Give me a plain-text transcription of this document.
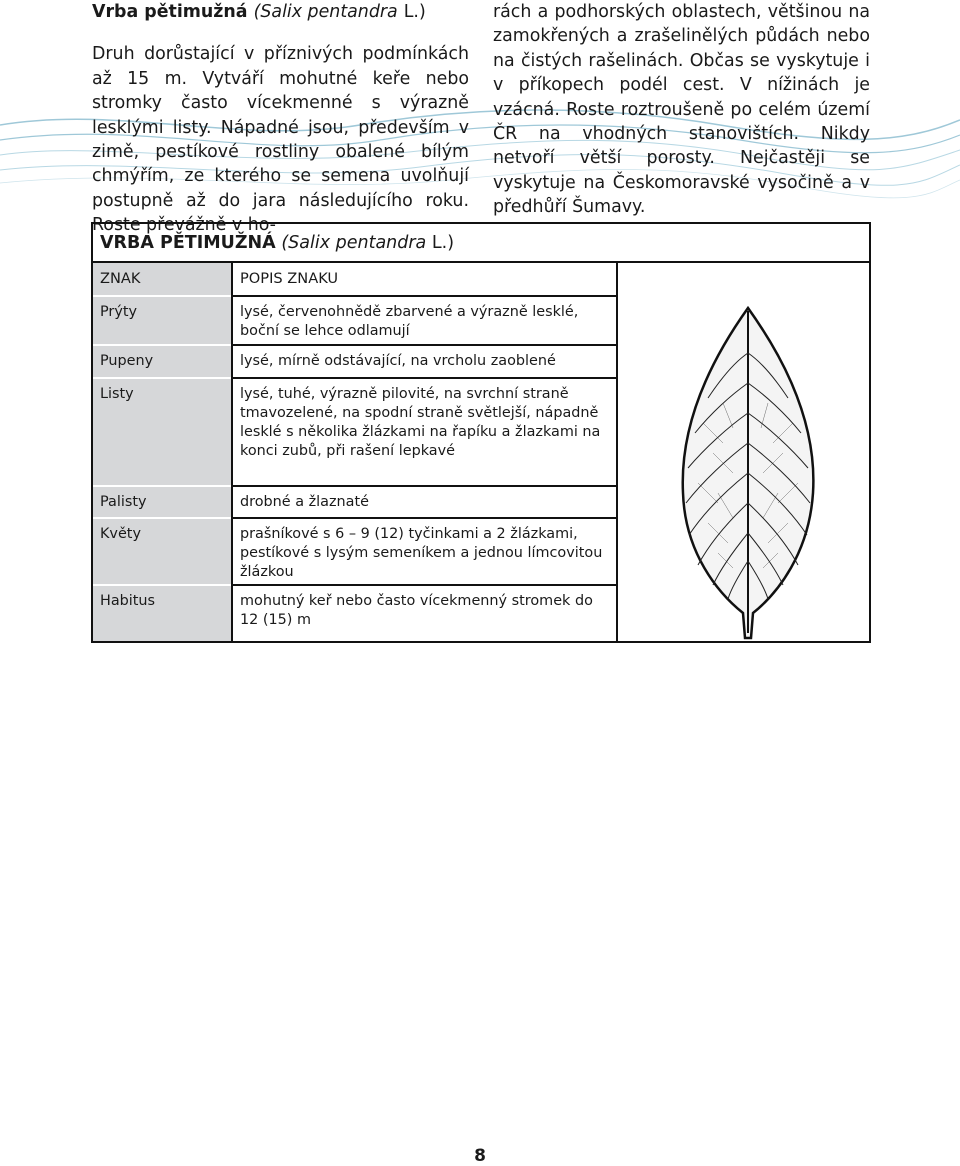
Vrba pětimužná (Salix pentandra L.)

Druh dorůstající v příznivých podmínkách až 15 m. Vytváří mohutné keře nebo stromky často vícekmenné s výrazně lesklými listy. Nápadné jsou, především v zimě, pestíkové rostliny obalené bílým chmýřím, ze kterého se semena uvolňují postupně až do jara následujícího roku. Roste převážně v ho-

rách a podhorských oblastech, většinou na zamokřených a zrašelinělých půdách nebo na čistých rašelinách. Občas se vyskytuje i v příkopech podél cest. V nížinách je vzácná. Roste roztroušeně po celém území ČR na vhodných stanovištích. Nikdy netvoří větší porosty. Nejčastěji se vyskytuje na Českomoravské vysočině a v předhůří Šumavy.

VRBA PĚTIMUŽNÁ (Salix pentandra L.)
ZNAK
Prýty
Pupeny
Listy
Palisty
Květy
Habitus
POPIS ZNAKU
lysé, červenohnědě zbarvené a výrazně lesklé, boční se lehce odlamují
lysé, mírně odstávající, na vrcholu zaoblené
lysé, tuhé, výrazně pilovité, na svrchní straně tmavozelené, na spodní straně světlejší, nápadně lesklé s několika žlázkami na řapíku a žlazkami na konci zubů, při rašení lepkavé
drobné a žlaznaté
prašníkové s 6 – 9 (12) tyčinkami a 2 žlázkami, pestíkové s lysým semeníkem a jednou límcovitou žlázkou
mohutný keř nebo často vícekmenný stromek do 12 (15) m
8
